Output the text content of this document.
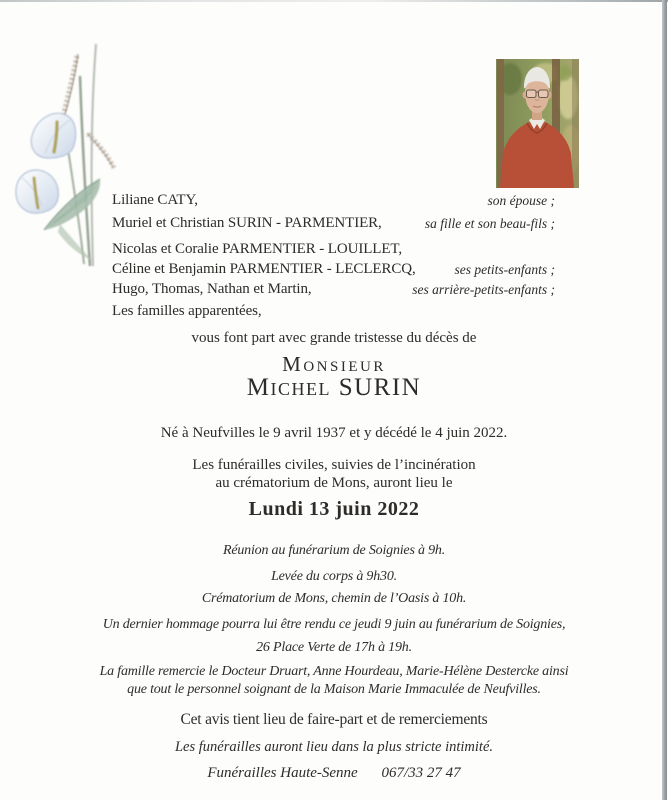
Liliane CATY,	son épouse ;
Muriel et Christian SURIN - PARMENTIER,	sa fille et son beau-fils ;
Nicolas et Coralie PARMENTIER - LOUILLET,
Céline et Benjamin PARMENTIER - LECLERCQ,	ses petits-enfants ;
Hugo, Thomas, Nathan et Martin,	ses arrière-petits-enfants ;
Les familles apparentées,
vous font part avec grande tristesse du décès de
Monsieur
Michel SURIN
Né à Neufvilles le 9 avril 1937 et y décédé le 4 juin 2022.
Les funérailles civiles, suivies de l’incinération
au crématorium de Mons, auront lieu le
Lundi 13 juin 2022
Réunion au funérarium de Soignies à 9h.
Levée du corps à 9h30.
Crématorium de Mons, chemin de l’Oasis à 10h.
Un dernier hommage pourra lui être rendu ce jeudi 9 juin au funérarium de Soignies,
26 Place Verte de 17h à 19h.
La famille remercie le Docteur Druart, Anne Hourdeau, Marie-Hélène Destercke ainsi
que tout le personnel soignant de la Maison Marie Immaculée de Neufvilles.
Cet avis tient lieu de faire-part et de remerciements
Les funérailles auront lieu dans la plus stricte intimité.
Funérailles Haute-Senne 067/33 27 47
